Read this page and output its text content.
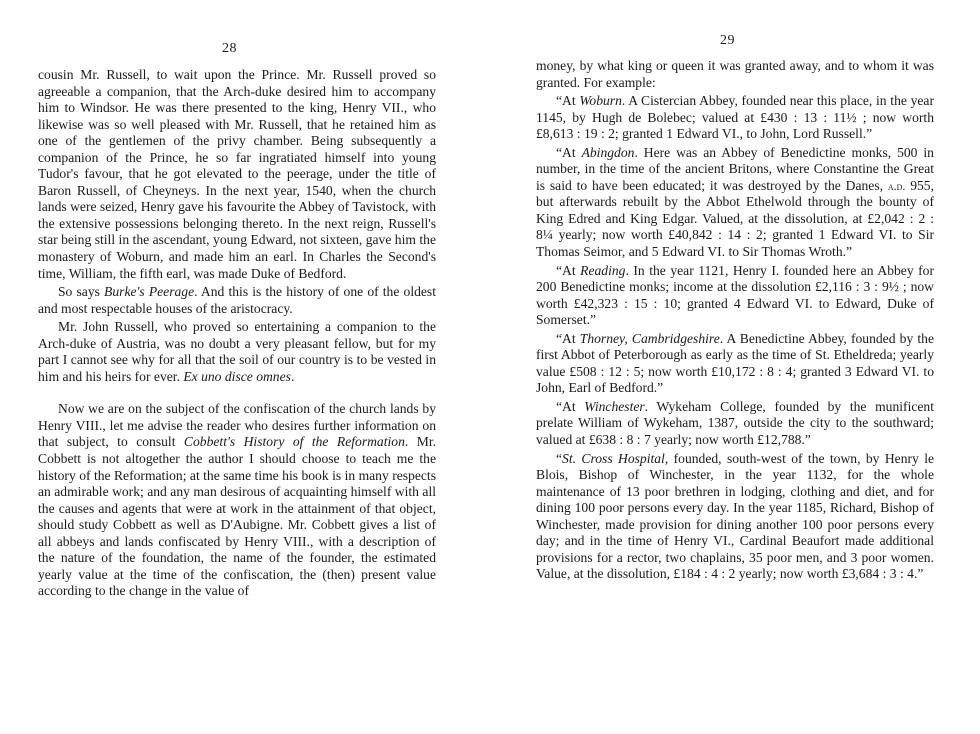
28

cousin Mr. Russell, to wait upon the Prince. Mr. Russell proved so agreeable a companion, that the Arch-duke desired him to accompany him to Windsor. He was there presented to the king, Henry VII., who likewise was so well pleased with Mr. Russell, that he retained him as one of the gentlemen of the privy chamber. Being subsequently a companion of the Prince, he so far ingratiated himself into young Tudor's favour, that he got elevated to the peerage, under the title of Baron Russell, of Cheyneys. In the next year, 1540, when the church lands were seized, Henry gave his favourite the Abbey of Tavistock, with the extensive possessions belonging thereto. In the next reign, Russell's star being still in the ascendant, young Edward, not sixteen, gave him the monastery of Woburn, and made him an earl. In Charles the Second's time, William, the fifth earl, was made Duke of Bedford.

So says Burke's Peerage. And this is the history of one of the oldest and most respectable houses of the aristocracy.

Mr. John Russell, who proved so entertaining a companion to the Arch-duke of Austria, was no doubt a very pleasant fellow, but for my part I cannot see why for all that the soil of our country is to be vested in him and his heirs for ever. Ex uno disce omnes.

Now we are on the subject of the confiscation of the church lands by Henry VIII., let me advise the reader who desires further information on that subject, to consult Cobbett's History of the Reformation. Mr. Cobbett is not altogether the author I should choose to teach me the history of the Reformation; at the same time his book is in many respects an admirable work; and any man desirous of acquainting himself with all the causes and agents that were at work in the attainment of that object, should study Cobbett as well as D'Aubigne. Mr. Cobbett gives a list of all abbeys and lands confiscated by Henry VIII., with a description of the nature of the foundation, the name of the founder, the estimated yearly value at the time of the confiscation, the (then) present value according to the change in the value of

29

money, by what king or queen it was granted away, and to whom it was granted. For example:

“At Woburn. A Cistercian Abbey, founded near this place, in the year 1145, by Hugh de Bolebec; valued at £430 : 13 : 11½ ; now worth £8,613 : 19 : 2; granted 1 Edward VI., to John, Lord Russell.”

“At Abingdon. Here was an Abbey of Benedictine monks, 500 in number, in the time of the ancient Britons, where Constantine the Great is said to have been educated; it was destroyed by the Danes, a.d. 955, but afterwards rebuilt by the Abbot Ethelwold through the bounty of King Edred and King Edgar. Valued, at the dissolution, at £2,042 : 2 : 8¼ yearly; now worth £40,842 : 14 : 2; granted 1 Edward VI. to Sir Thomas Seimor, and 5 Edward VI. to Sir Thomas Wroth.”

“At Reading. In the year 1121, Henry I. founded here an Abbey for 200 Benedictine monks; income at the dissolution £2,116 : 3 : 9½ ; now worth £42,323 : 15 : 10; granted 4 Edward VI. to Edward, Duke of Somerset.”

“At Thorney, Cambridgeshire. A Benedictine Abbey, founded by the first Abbot of Peterborough as early as the time of St. Etheldreda; yearly value £508 : 12 : 5; now worth £10,172 : 8 : 4; granted 3 Edward VI. to John, Earl of Bedford.”

“At Winchester. Wykeham College, founded by the munificent prelate William of Wykeham, 1387, outside the city to the southward; valued at £638 : 8 : 7 yearly; now worth £12,788.”

“St. Cross Hospital, founded, south-west of the town, by Henry le Blois, Bishop of Winchester, in the year 1132, for the whole maintenance of 13 poor brethren in lodging, clothing and diet, and for dining 100 poor persons every day. In the year 1185, Richard, Bishop of Winchester, made provision for dining another 100 poor persons every day; and in the time of Henry VI., Cardinal Beaufort made additional provisions for a rector, two chaplains, 35 poor men, and 3 poor women. Value, at the dissolution, £184 : 4 : 2 yearly; now worth £3,684 : 3 : 4.”
